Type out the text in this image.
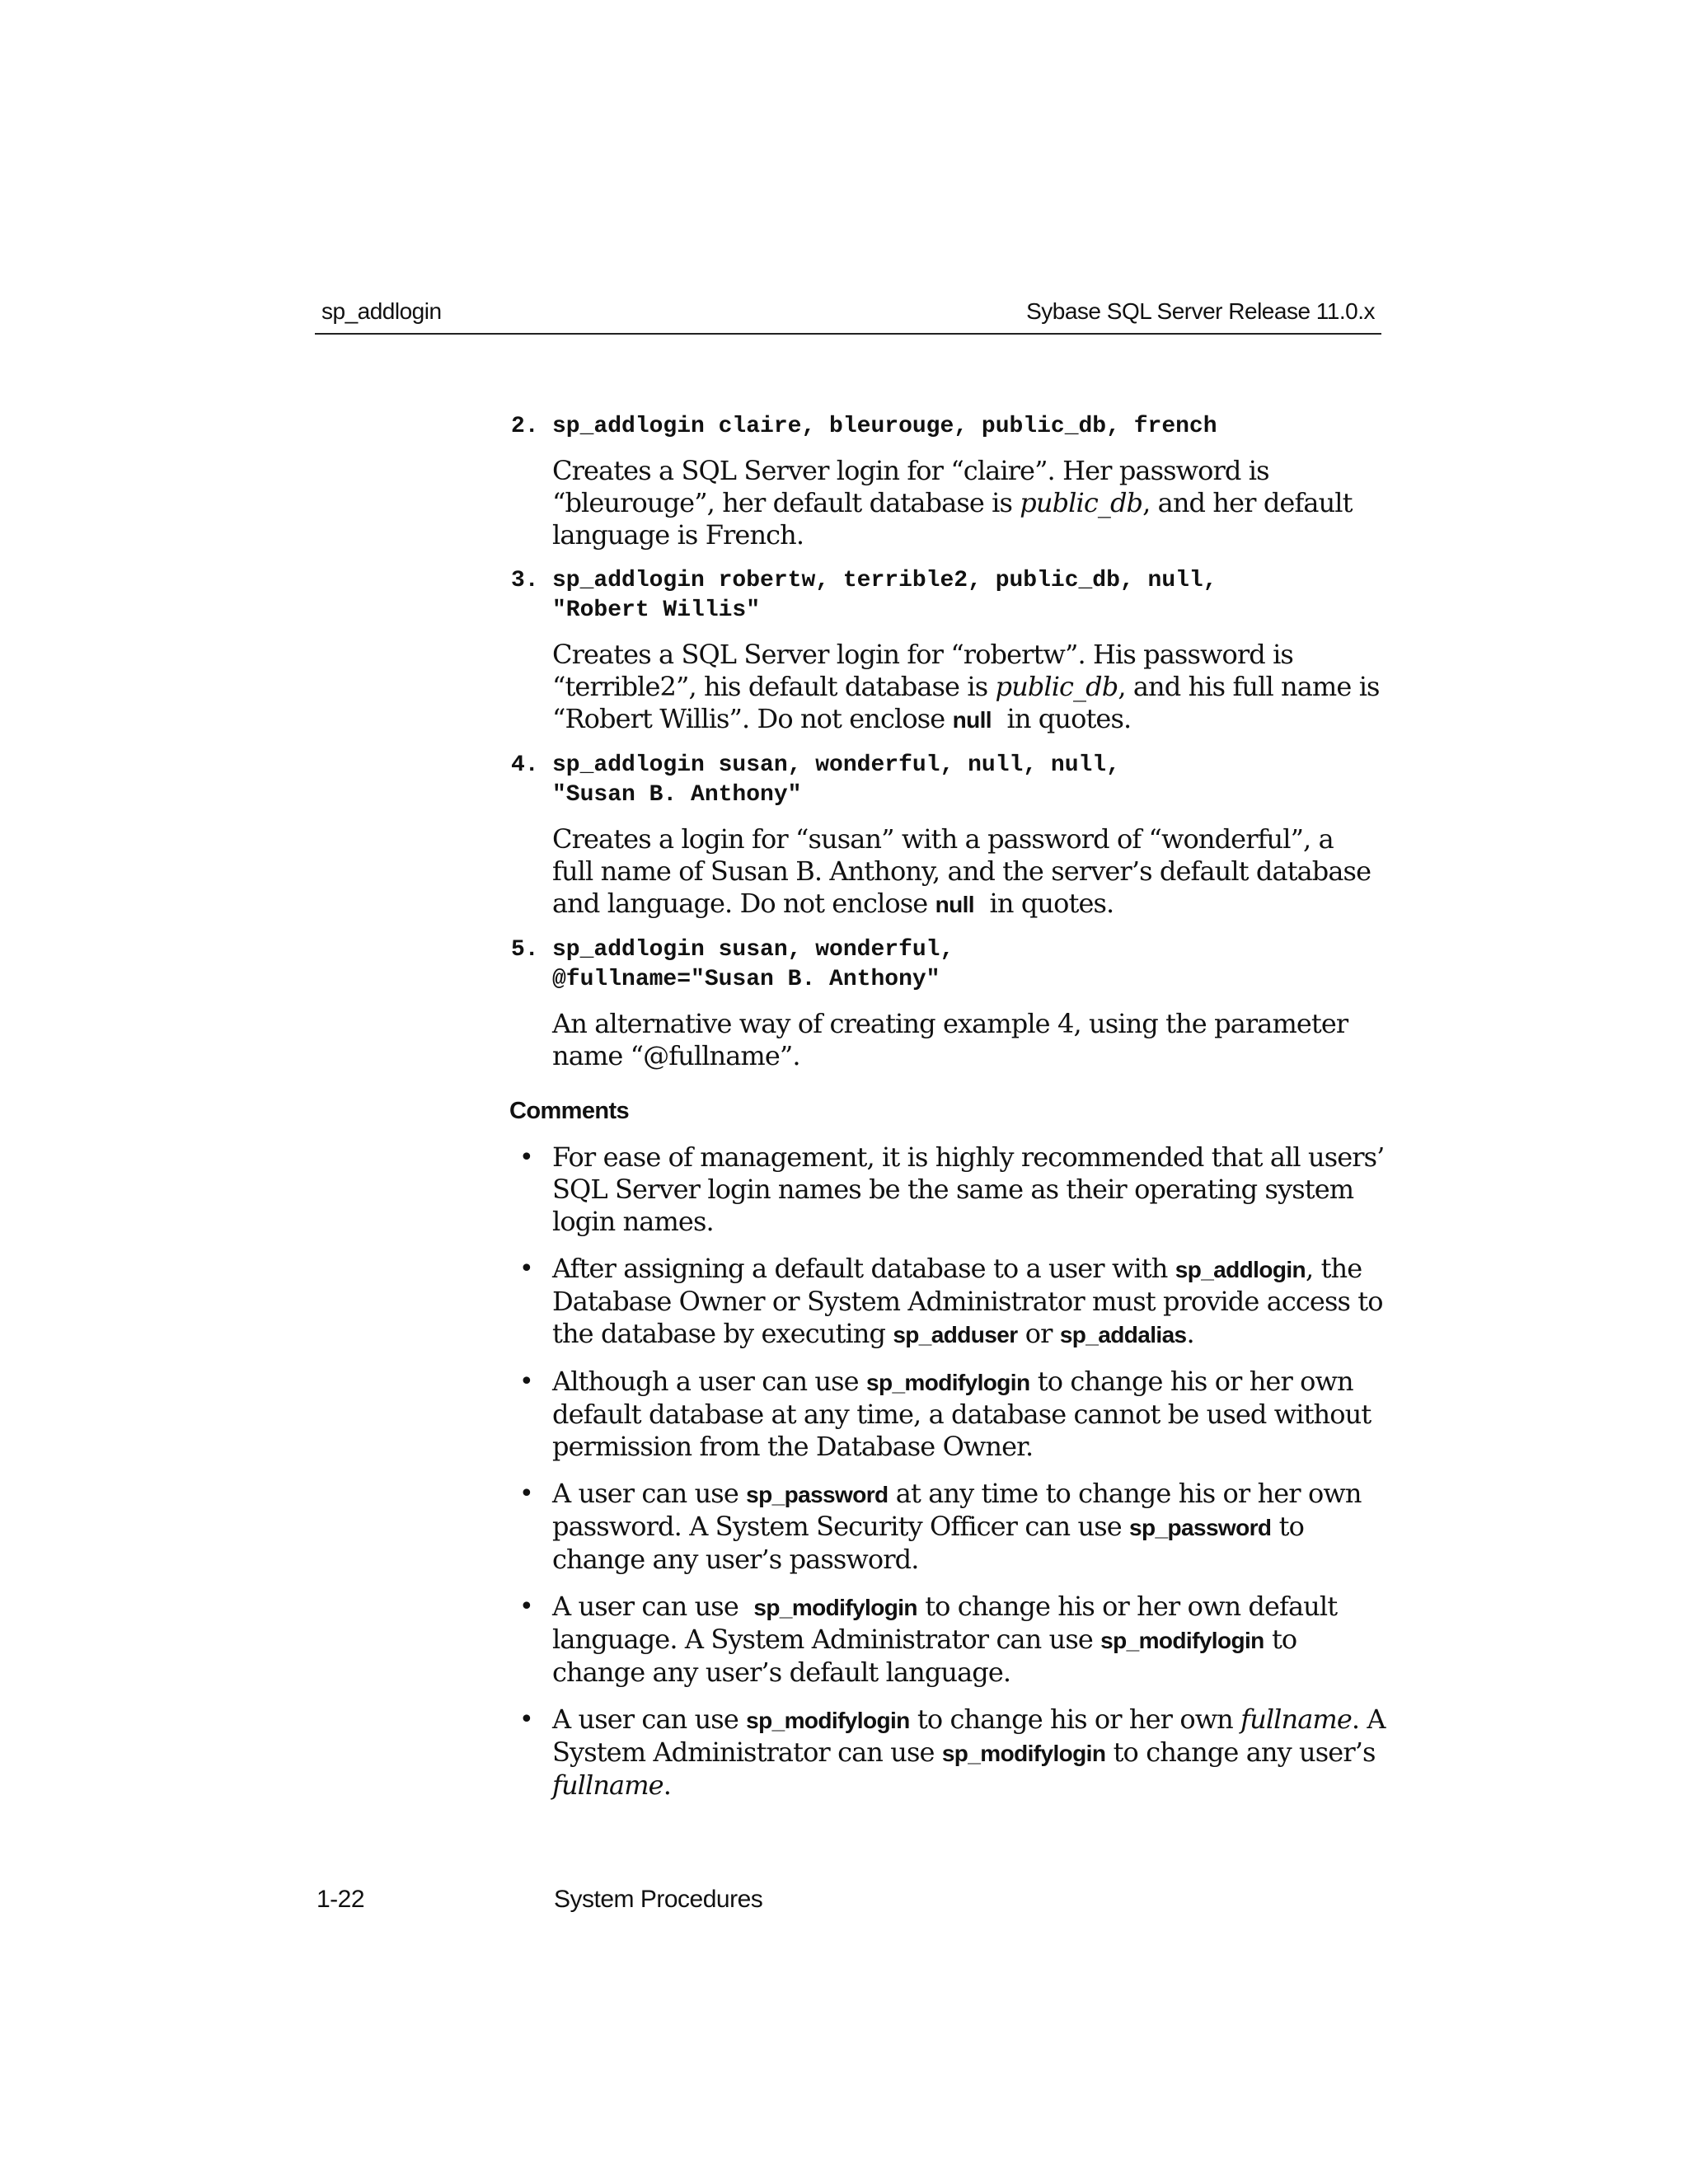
sp_addlogin	Sybase SQL Server Release 11.0.x
2. sp_addlogin claire, bleurouge, public_db, french

Creates a SQL Server login for “claire”. Her password is
“bleurouge”, her default database is public_db, and her default
language is French.

3. sp_addlogin robertw, terrible2, public_db, null,
"Robert Willis"

Creates a SQL Server login for “robertw”. His password is
“terrible2”, his default database is public_db, and his full name is
“Robert Willis”. Do not enclose null  in quotes.

4. sp_addlogin susan, wonderful, null, null,
"Susan B. Anthony"

Creates a login for “susan” with a password of “wonderful”, a
full name of Susan B. Anthony, and the server’s default database
and language. Do not enclose null  in quotes.

5. sp_addlogin susan, wonderful,
@fullname="Susan B. Anthony"

An alternative way of creating example 4, using the parameter
name “@fullname”.

Comments
• For ease of management, it is highly recommended that all users’
SQL Server login names be the same as their operating system
login names.

• After assigning a default database to a user with sp_addlogin, the
Database Owner or System Administrator must provide access to
the database by executing sp_adduser or sp_addalias.

• Although a user can use sp_modifylogin to change his or her own
default database at any time, a database cannot be used without
permission from the Database Owner.

• A user can use sp_password at any time to change his or her own
password. A System Security Officer can use sp_password to
change any user’s password.

• A user can use  sp_modifylogin to change his or her own default
language. A System Administrator can use sp_modifylogin to
change any user’s default language.

• A user can use sp_modifylogin to change his or her own fullname. A
System Administrator can use sp_modifylogin to change any user’s
fullname.

1-22	System Procedures
